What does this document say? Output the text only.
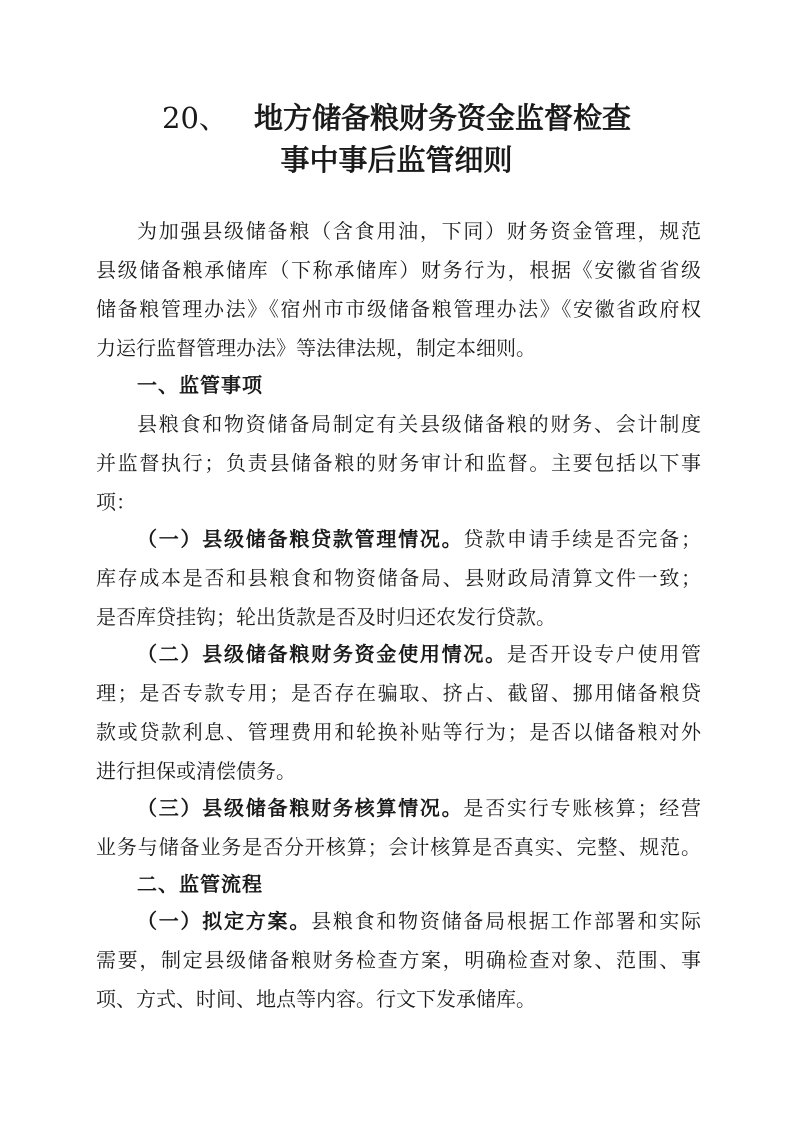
20、 地方储备粮财务资金监督检查
事中事后监管细则
为加强县级储备粮（含食用油，下同）财务资金管理，规范
县级储备粮承储库（下称承储库）财务行为，根据《安徽省省级
储备粮管理办法》《宿州市市级储备粮管理办法》《安徽省政府权
力运行监督管理办法》等法律法规，制定本细则。
一、监管事项
县粮食和物资储备局制定有关县级储备粮的财务、会计制度
并监督执行；负责县储备粮的财务审计和监督。主要包括以下事
项：
（一）县级储备粮贷款管理情况。贷款申请手续是否完备；
库存成本是否和县粮食和物资储备局、县财政局清算文件一致；
是否库贷挂钩；轮出货款是否及时归还农发行贷款。
（二）县级储备粮财务资金使用情况。是否开设专户使用管
理；是否专款专用；是否存在骗取、挤占、截留、挪用储备粮贷
款或贷款利息、管理费用和轮换补贴等行为；是否以储备粮对外
进行担保或清偿债务。
（三）县级储备粮财务核算情况。是否实行专账核算；经营
业务与储备业务是否分开核算；会计核算是否真实、完整、规范。
二、监管流程
（一）拟定方案。县粮食和物资储备局根据工作部署和实际
需要，制定县级储备粮财务检查方案，明确检查对象、范围、事
项、方式、时间、地点等内容。行文下发承储库。
